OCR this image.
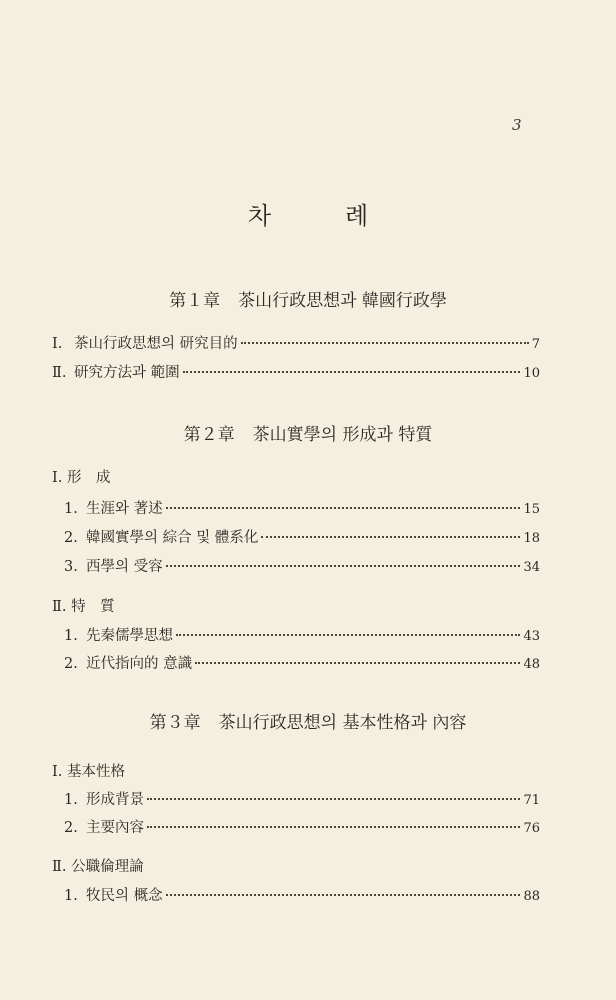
3
차	례
第１章 茶山行政思想과 韓國行政學
Ⅰ. 茶山行政思想의 研究目的	7
Ⅱ. 研究方法과 範圍	10
第２章 茶山實學의 形成과 特質
Ⅰ. 形　成
1. 生涯와 著述	15
2. 韓國實學의 綜合 및 體系化	18
3. 西學의 受容	34
Ⅱ. 特　質
1. 先秦儒學思想	43
2. 近代指向的 意識	48
第３章 茶山行政思想의 基本性格과 內容
Ⅰ. 基本性格
1. 形成背景	71
2. 主要內容	76
Ⅱ. 公職倫理論
1. 牧民의 概念	88
